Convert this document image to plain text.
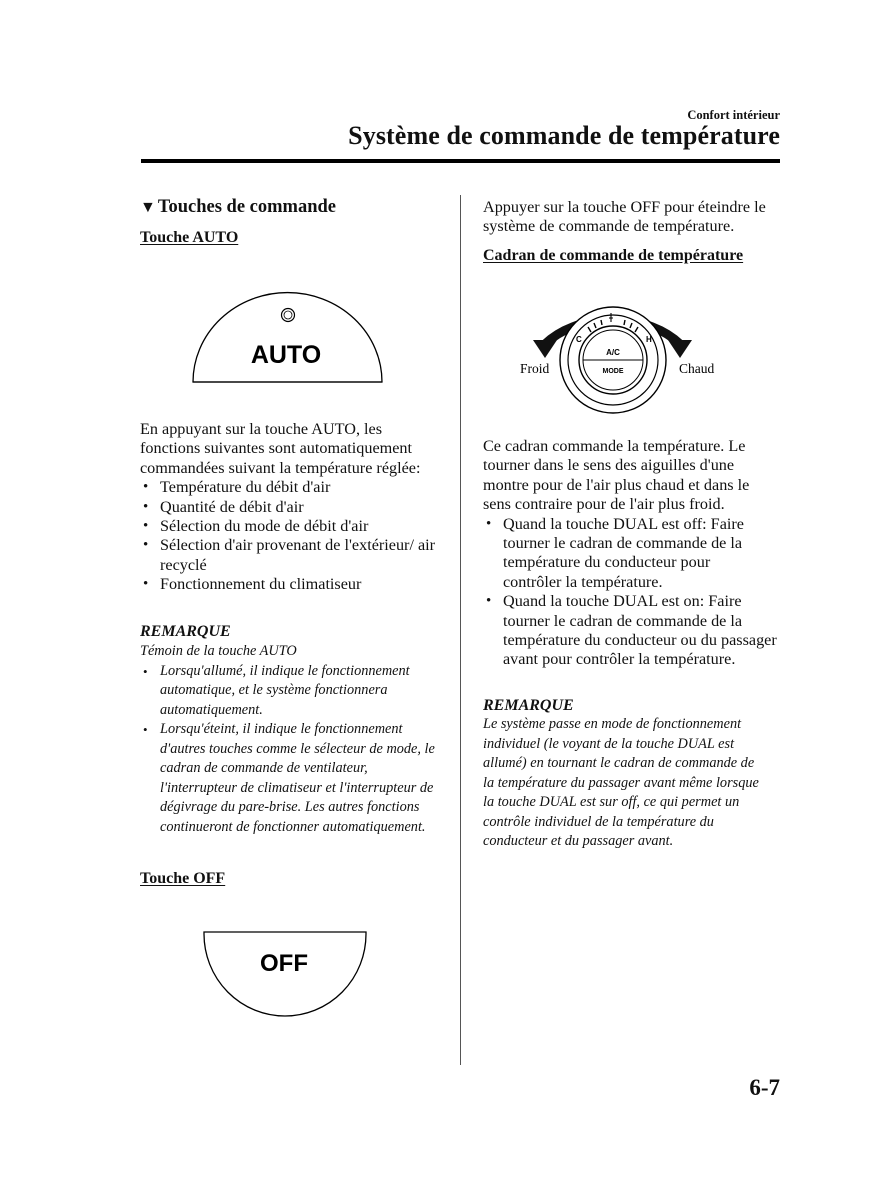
Confort intérieur
Système de commande de température
▼ Touches de commande
Touche AUTO
AUTO

En appuyant sur la touche AUTO, les fonctions suivantes sont automatiquement commandées suivant la température réglée:

• Température du débit d'air
• Quantité de débit d'air
• Sélection du mode de débit d'air
• Sélection d'air provenant de l'extérieur/ air recyclé
• Fonctionnement du climatiseur
REMARQUE

Témoin de la touche AUTO

• Lorsqu'allumé, il indique le fonctionnement automatique, et le système fonctionnera automatiquement.
• Lorsqu'éteint, il indique le fonctionnement d'autres touches comme le sélecteur de mode, le cadran de commande de ventilateur, l'interrupteur de climatiseur et l'interrupteur de dégivrage du pare-brise. Les autres fonctions continueront de fonctionner automatiquement.
Touche OFF
OFF

Appuyer sur la touche OFF pour éteindre le système de commande de température.

Cadran de commande de température
C	H
A/C
MODE
Froid	Chaud

Ce cadran commande la température. Le tourner dans le sens des aiguilles d'une montre pour de l'air plus chaud et dans le sens contraire pour de l'air plus froid.

• Quand la touche DUAL est off: Faire tourner le cadran de commande de la température du conducteur pour contrôler la température.
• Quand la touche DUAL est on: Faire tourner le cadran de commande de la température du conducteur ou du passager avant pour contrôler la température.
REMARQUE

Le système passe en mode de fonctionnement individuel (le voyant de la touche DUAL est allumé) en tournant le cadran de commande de la température du passager avant même lorsque la touche DUAL est sur off, ce qui permet un contrôle individuel de la température du conducteur et du passager avant.

6-7
